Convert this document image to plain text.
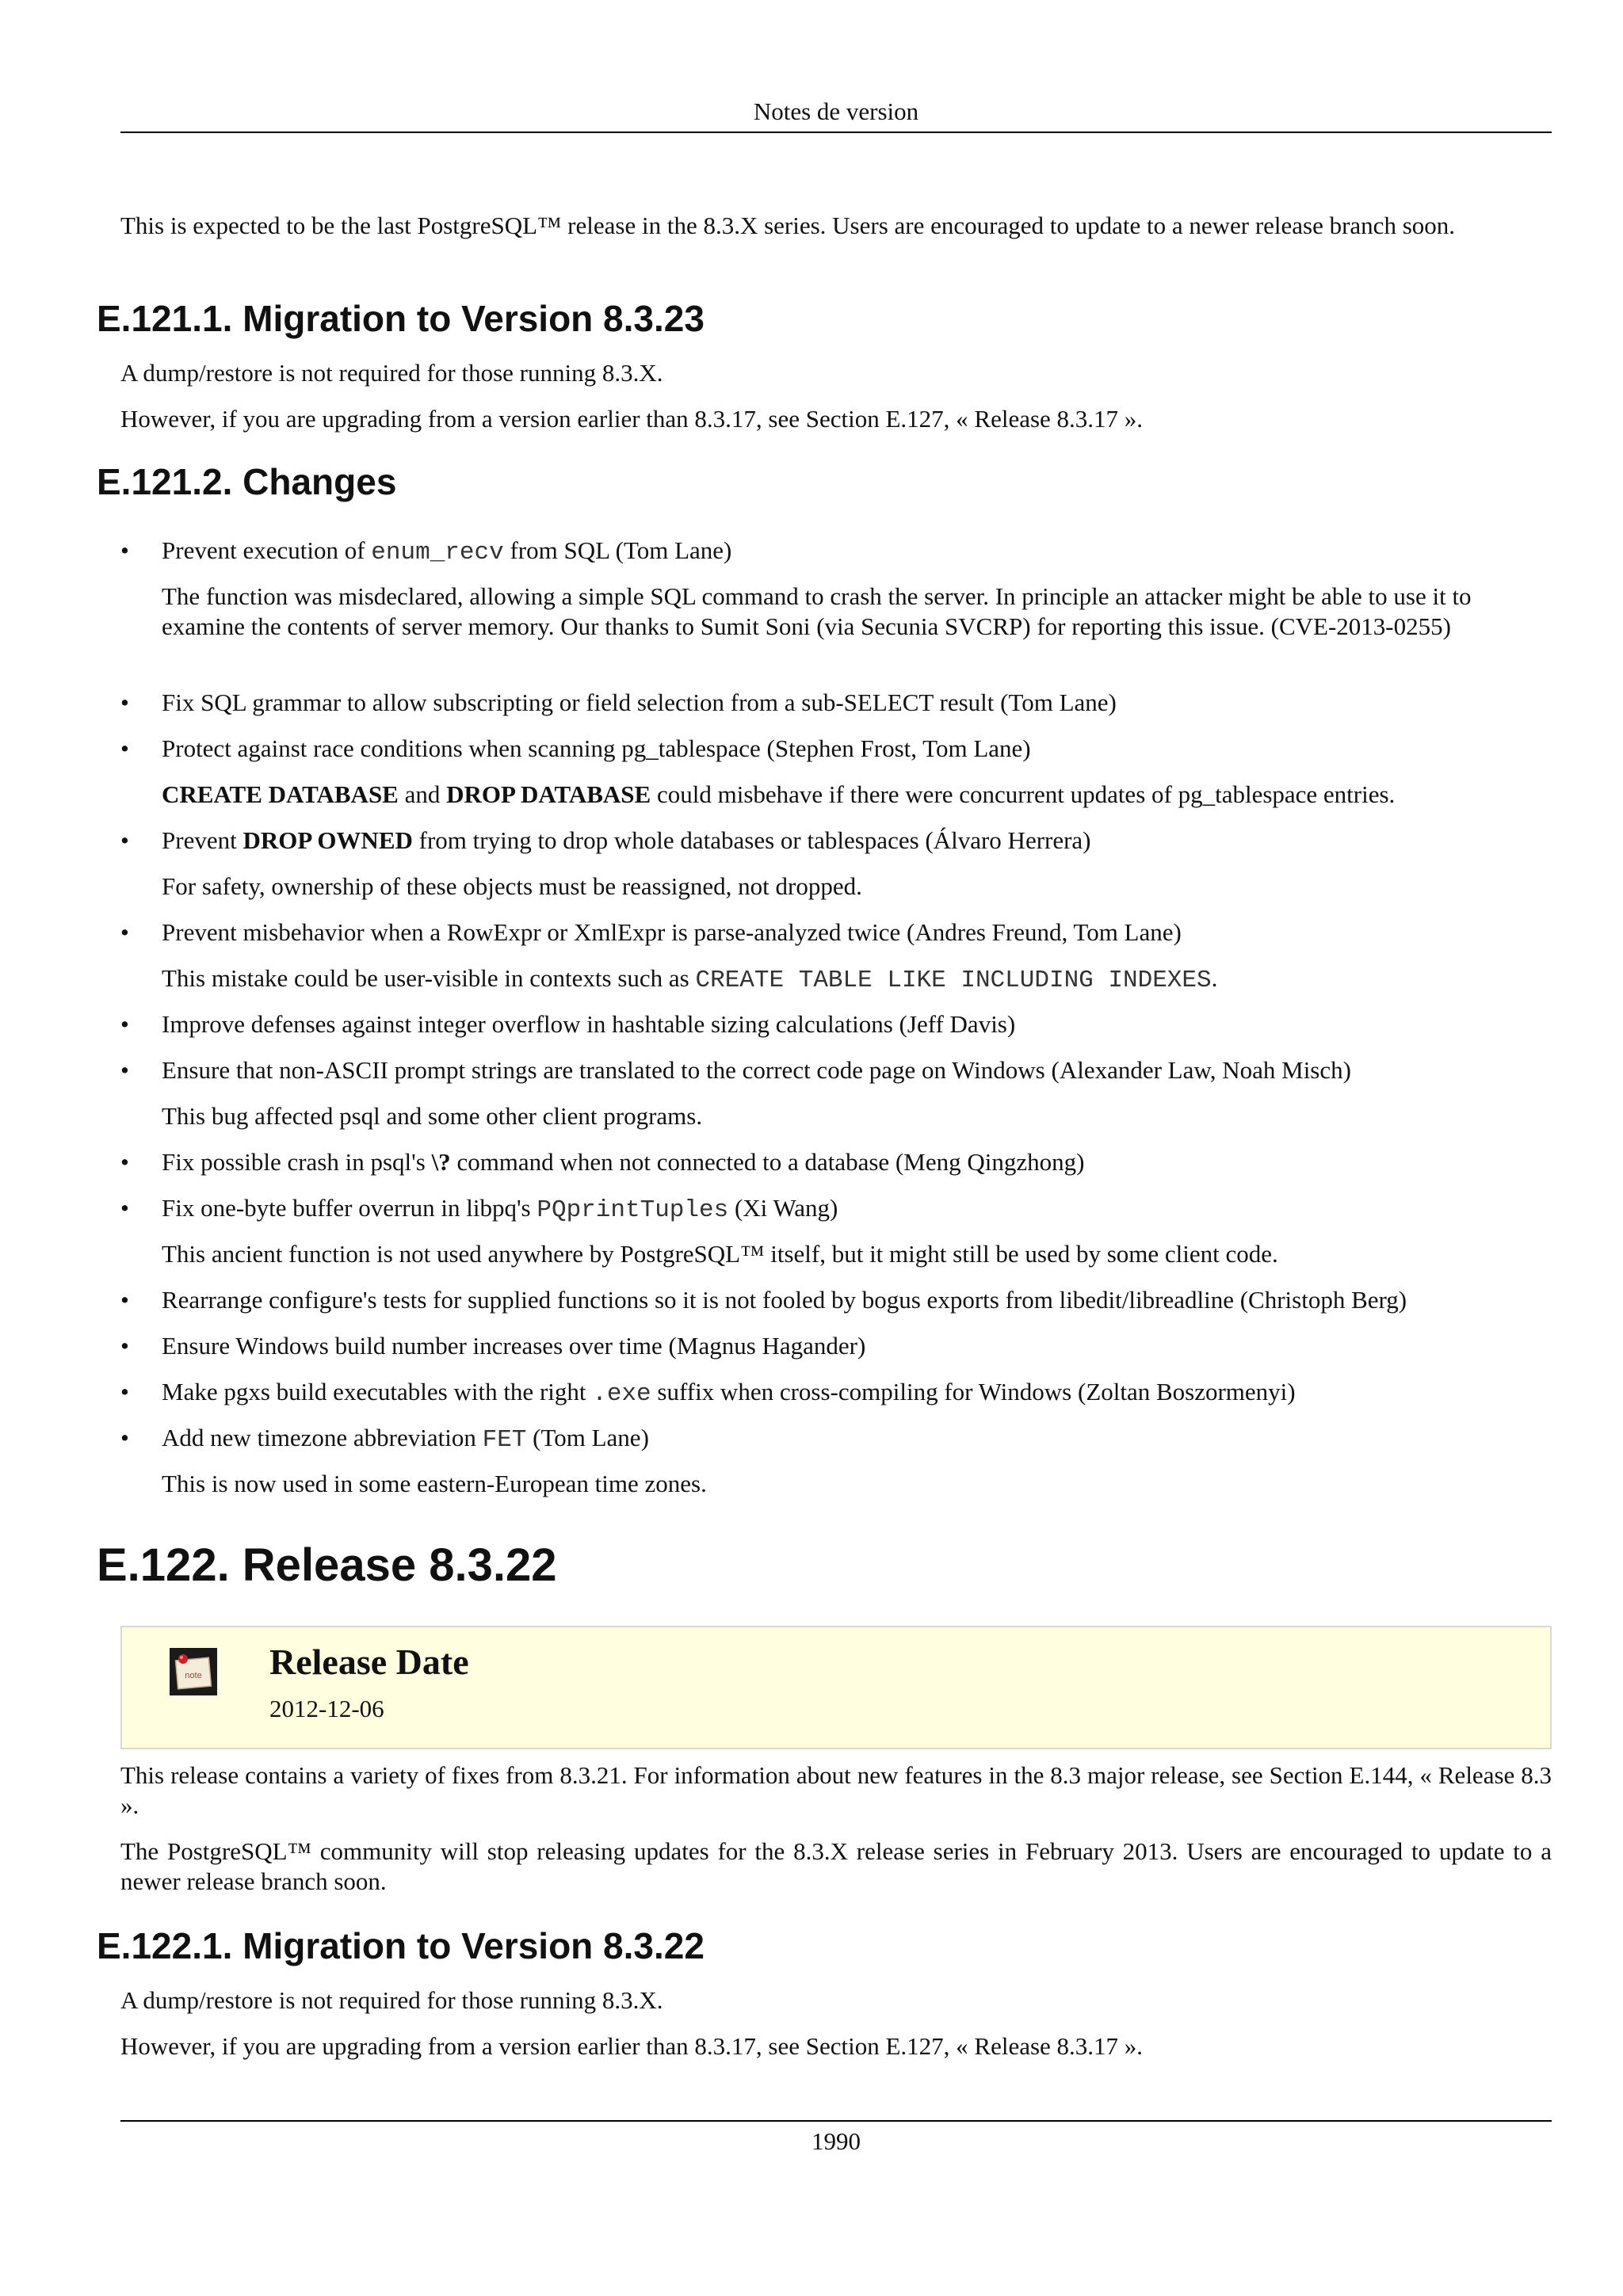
Notes de version

This is expected to be the last PostgreSQL™ release in the 8.3.X series. Users are encouraged to update to a newer release branch soon.

E.121.1. Migration to Version 8.3.23

A dump/restore is not required for those running 8.3.X.

However, if you are upgrading from a version earlier than 8.3.17, see Section E.127, « Release 8.3.17 ».

E.121.2. Changes
• Prevent execution of enum_recv from SQL (Tom Lane)

The function was misdeclared, allowing a simple SQL command to crash the server. In principle an attacker might be able to use it to examine the contents of server memory. Our thanks to Sumit Soni (via Secunia SVCRP) for reporting this issue. (CVE-2013-0255)

• Fix SQL grammar to allow subscripting or field selection from a sub-SELECT result (Tom Lane)

• Protect against race conditions when scanning pg_tablespace (Stephen Frost, Tom Lane)

CREATE DATABASE and DROP DATABASE could misbehave if there were concurrent updates of pg_tablespace entries.

• Prevent DROP OWNED from trying to drop whole databases or tablespaces (Álvaro Herrera)

For safety, ownership of these objects must be reassigned, not dropped.

• Prevent misbehavior when a RowExpr or XmlExpr is parse-analyzed twice (Andres Freund, Tom Lane)

This mistake could be user-visible in contexts such as CREATE TABLE LIKE INCLUDING INDEXES.

• Improve defenses against integer overflow in hashtable sizing calculations (Jeff Davis)

• Ensure that non-ASCII prompt strings are translated to the correct code page on Windows (Alexander Law, Noah Misch)

This bug affected psql and some other client programs.

• Fix possible crash in psql's \? command when not connected to a database (Meng Qingzhong)

• Fix one-byte buffer overrun in libpq's PQprintTuples (Xi Wang)

This ancient function is not used anywhere by PostgreSQL™ itself, but it might still be used by some client code.

• Rearrange configure's tests for supplied functions so it is not fooled by bogus exports from libedit/libreadline (Christoph Berg)

• Ensure Windows build number increases over time (Magnus Hagander)

• Make pgxs build executables with the right .exe suffix when cross-compiling for Windows (Zoltan Boszormenyi)

• Add new timezone abbreviation FET (Tom Lane)

This is now used in some eastern-European time zones.

E.122. Release 8.3.22
note Release Date
2012-12-06

This release contains a variety of fixes from 8.3.21. For information about new features in the 8.3 major release, see Section E.144, « Release 8.3 ».

The PostgreSQL™ community will stop releasing updates for the 8.3.X release series in February 2013. Users are encouraged to update to a newer release branch soon.

E.122.1. Migration to Version 8.3.22

A dump/restore is not required for those running 8.3.X.

However, if you are upgrading from a version earlier than 8.3.17, see Section E.127, « Release 8.3.17 ».

1990
